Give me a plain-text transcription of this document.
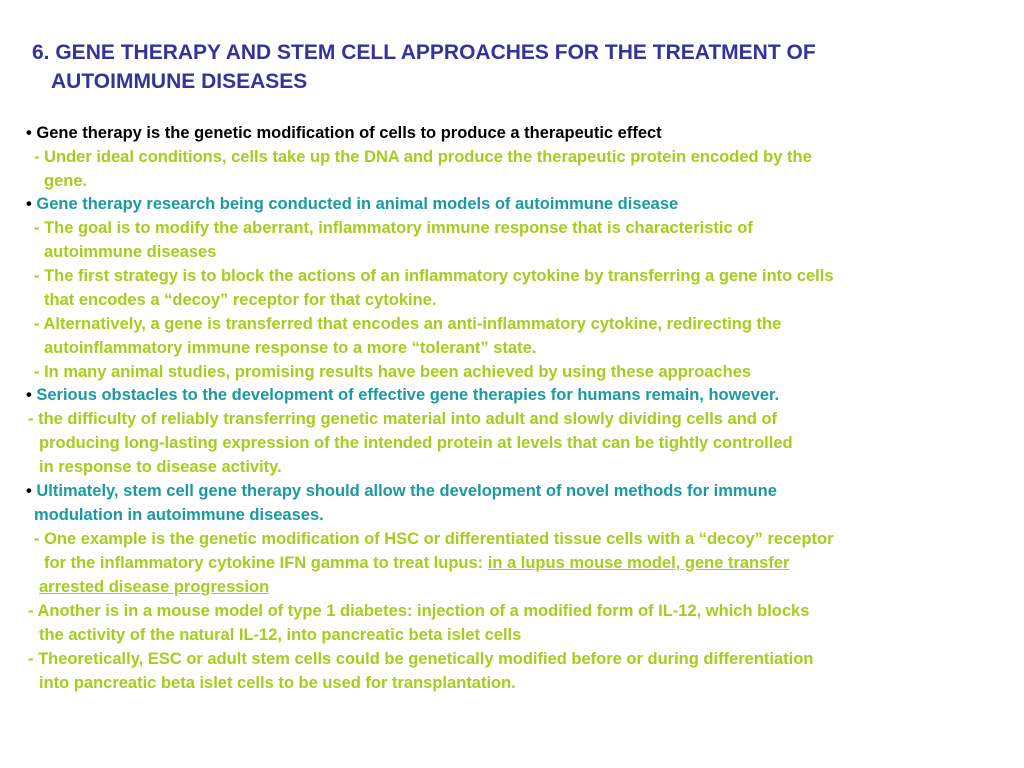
6. GENE THERAPY AND STEM CELL APPROACHES FOR THE TREATMENT OF
AUTOIMMUNE DISEASES
• Gene therapy is the genetic modification of cells to produce a therapeutic effect
- Under ideal conditions, cells take up the DNA and produce the therapeutic protein encoded by the
gene.
• Gene therapy research being conducted in animal models of autoimmune disease
- The goal is to modify the aberrant, inflammatory immune response that is characteristic of
autoimmune diseases
- The first strategy is to block the actions of an inflammatory cytokine by transferring a gene into cells
that encodes a “decoy” receptor for that cytokine.
- Alternatively, a gene is transferred that encodes an anti-inflammatory cytokine, redirecting the
autoinflammatory immune response to a more “tolerant” state.
- In many animal studies, promising results have been achieved by using these approaches
• Serious obstacles to the development of effective gene therapies for humans remain, however.
- the difficulty of reliably transferring genetic material into adult and slowly dividing cells and of
producing long-lasting expression of the intended protein at levels that can be tightly controlled
in response to disease activity.
• Ultimately, stem cell gene therapy should allow the development of novel methods for immune
modulation in autoimmune diseases.
- One example is the genetic modification of HSC or differentiated tissue cells with a “decoy” receptor
for the inflammatory cytokine IFN gamma to treat lupus: in a lupus mouse model, gene transfer
arrested disease progression
- Another is in a mouse model of type 1 diabetes: injection of a modified form of IL-12, which blocks
the activity of the natural IL-12, into pancreatic beta islet cells
- Theoretically, ESC or adult stem cells could be genetically modified before or during differentiation
into pancreatic beta islet cells to be used for transplantation.
